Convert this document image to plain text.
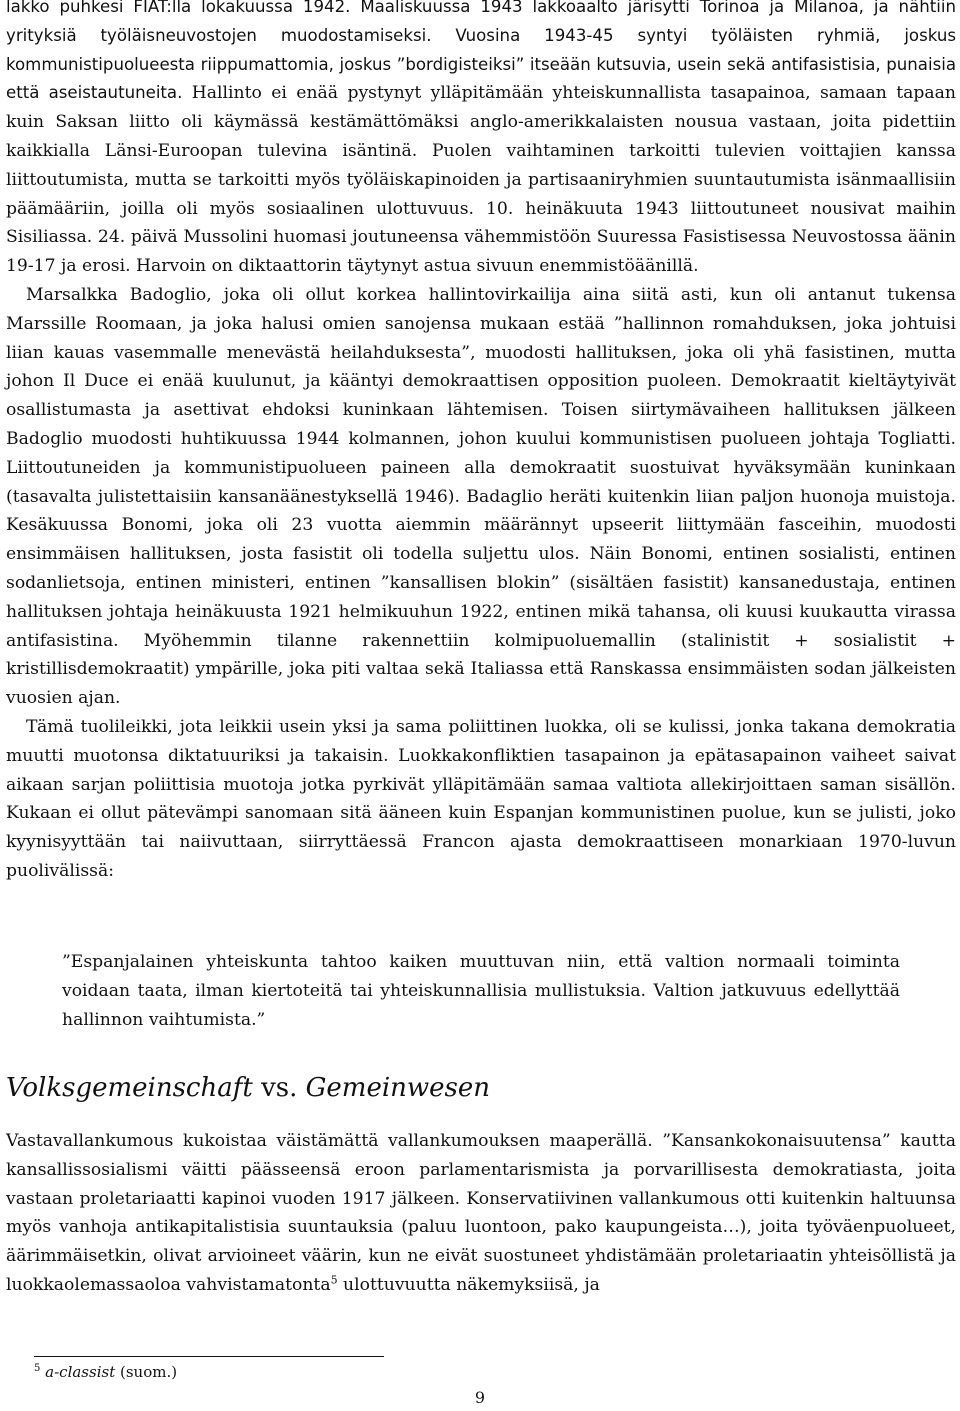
lakko puhkesi FIAT:lla lokakuussa 1942. Maaliskuussa 1943 lakkoaalto järisytti Torinoa ja Milanoa, ja nähtiin yrityksiä työläisneuvostojen muodostamiseksi. Vuosina 1943-45 syntyi työläisten ryhmiä, joskus kommunistipuolueesta riippumattomia, joskus ”bordigisteiksi” itseään kutsuvia, usein sekä antifasistisia, punaisia että aseistautuneita. Hallinto ei enää pystynyt ylläpitämään yhteiskunnallista tasapainoa, samaan tapaan kuin Saksan liitto oli käymässä kestämättömäksi anglo-amerikkalaisten nousua vastaan, joita pidettiin kaikkialla Länsi-Euroopan tulevina isäntinä. Puolen vaihtaminen tarkoitti tulevien voittajien kanssa liittoutumista, mutta se tarkoitti myös työläiskapinoiden ja partisaaniryhmien suuntautumista isänmaallisiin päämääriin, joilla oli myös sosiaalinen ulottuvuus. 10. heinäkuuta 1943 liittoutuneet nousivat maihin Sisiliassa. 24. päivä Mussolini huomasi joutuneensa vähemmistöön Suuressa Fasistisessa Neuvostossa äänin 19-17 ja erosi. Harvoin on diktaattorin täytynyt astua sivuun enemmistöäänillä.

Marsalkka Badoglio, joka oli ollut korkea hallintovirkailija aina siitä asti, kun oli antanut tukensa Marssille Roomaan, ja joka halusi omien sanojensa mukaan estää ”hallinnon romahduksen, joka johtuisi liian kauas vasemmalle menevästä heilahduksesta”, muodosti hallituksen, joka oli yhä fasistinen, mutta johon Il Duce ei enää kuulunut, ja kääntyi demokraattisen opposition puoleen. Demokraatit kieltäytyivät osallistumasta ja asettivat ehdoksi kuninkaan lähtemisen. Toisen siirtymävaiheen hallituksen jälkeen Badoglio muodosti huhtikuussa 1944 kolmannen, johon kuului kommunistisen puolueen johtaja Togliatti. Liittoutuneiden ja kommunistipuolueen paineen alla demokraatit suostuivat hyväksymään kuninkaan (tasavalta julistettaisiin kansanäänestyksellä 1946). Badaglio heräti kuitenkin liian paljon huonoja muistoja. Kesäkuussa Bonomi, joka oli 23 vuotta aiemmin määrännyt upseerit liittymään fasceihin, muodosti ensimmäisen hallituksen, josta fasistit oli todella suljettu ulos. Näin Bonomi, entinen sosialisti, entinen sodanlietsoja, entinen ministeri, entinen ”kansallisen blokin” (sisältäen fasistit) kansanedustaja, entinen hallituksen johtaja heinäkuusta 1921 helmikuuhun 1922, entinen mikä tahansa, oli kuusi kuukautta virassa antifasistina. Myöhemmin tilanne rakennettiin kolmipuoluemallin (stalinistit + sosialistit + kristillisdemokraatit) ympärille, joka piti valtaa sekä Italiassa että Ranskassa ensimmäisten sodan jälkeisten vuosien ajan.

Tämä tuolileikki, jota leikkii usein yksi ja sama poliittinen luokka, oli se kulissi, jonka takana demokratia muutti muotonsa diktatuuriksi ja takaisin. Luokkakonfliktien tasapainon ja epätasapainon vaiheet saivat aikaan sarjan poliittisia muotoja jotka pyrkivät ylläpitämään samaa valtiota allekirjoittaen saman sisällön. Kukaan ei ollut pätevämpi sanomaan sitä ääneen kuin Espanjan kommunistinen puolue, kun se julisti, joko kyynisyyttään tai naiivuttaan, siirryttäessä Francon ajasta demokraattiseen monarkiaan 1970-luvun puolivälissä:

”Espanjalainen yhteiskunta tahtoo kaiken muuttuvan niin, että valtion normaali toiminta voidaan taata, ilman kiertoteitä tai yhteiskunnallisia mullistuksia. Valtion jatkuvuus edellyttää hallinnon vaihtumista.”

Volksgemeinschaft vs. Gemeinwesen

Vastavallankumous kukoistaa väistämättä vallankumouksen maaperällä. ”Kansankokonaisuutensa” kautta kansallissosialismi väitti päässeensä eroon parlamentarismista ja porvarillisesta demokratiasta, joita vastaan proletariaatti kapinoi vuoden 1917 jälkeen. Konservatiivinen vallankumous otti kuitenkin haltuunsa myös vanhoja antikapitalistisia suuntauksia (paluu luontoon, pako kaupungeista…), joita työväenpuolueet, äärimmäisetkin, olivat arvioineet väärin, kun ne eivät suostuneet yhdistämään proletariaatin yhteisöllistä ja luokkaolemassaoloa vahvistamatonta$^5$ ulottuvuutta näkemyksiisä, ja

$^5$ a-classist (suom.)

9
